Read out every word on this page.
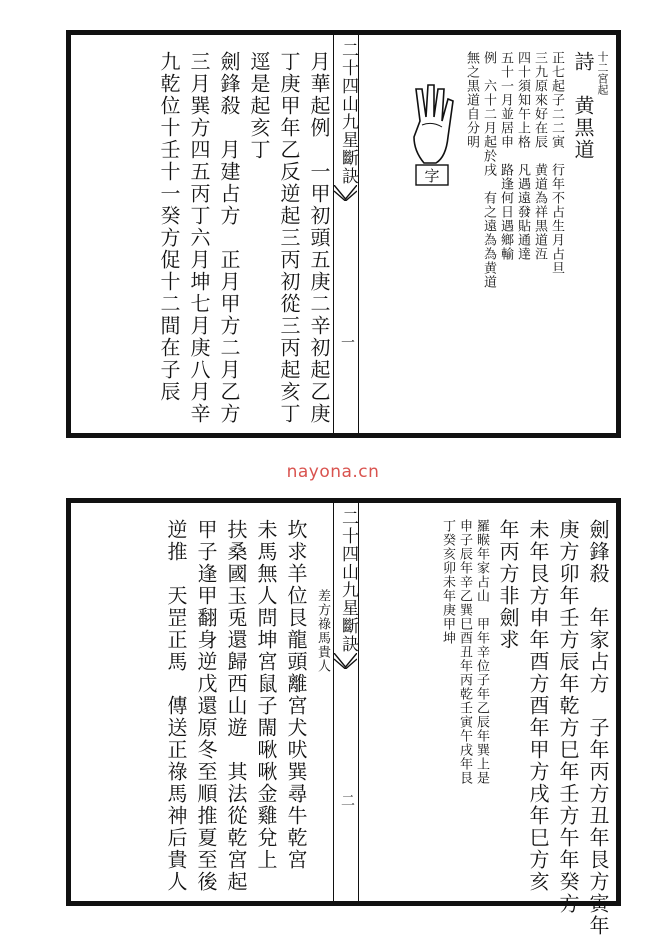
十二宮起
詩　黄黒道
正七起子二二寅　行年不占生月占旦
三九原來好在辰　黄道為祥黒道沍
四十須知午上格　凡遇遠發貼通達
五十一月並居申　路逢何日遇鄉輸
例　六十二月起於戌　有之遠為為黄道
無之黒道自分明
字
二十四山九星斷訣
一
月華起例　一甲初頭五庚二辛初起乙庚
丁庚甲年乙反逆起三丙初從三丙起亥丁
逕是起亥丁
劍鋒殺　月建占方　正月甲方二月乙方
三月巽方四五丙丁六月坤七月庚八月辛
九乾位十壬十一癸方促十二間在子辰
nayona.cn
劍鋒殺　年家占方　子年丙方丑年艮方寅年
庚方卯年壬方辰年乾方巳年壬方午年癸方
未年艮方申年酉方酉年甲方戌年巳方亥
年丙方非劍求
羅睺年家占山　甲年辛位子年乙辰年巽上是
申子辰年辛乙巽巳酉丑年丙乾壬寅午戌年艮
丁癸亥卯未年庚甲坤
二十四山九星斷訣
二
差方祿馬貴人
坎求羊位艮龍頭離宮犬吠巽尋牛乾宮
未馬無人問坤宮鼠子閙啾啾金雞兌上
扶桑國玉兎還歸西山遊　其法從乾宮起
甲子逢甲翻身逆戊還原冬至順推夏至後
逆推　天罡正馬　傳送正祿馬神后貴人
